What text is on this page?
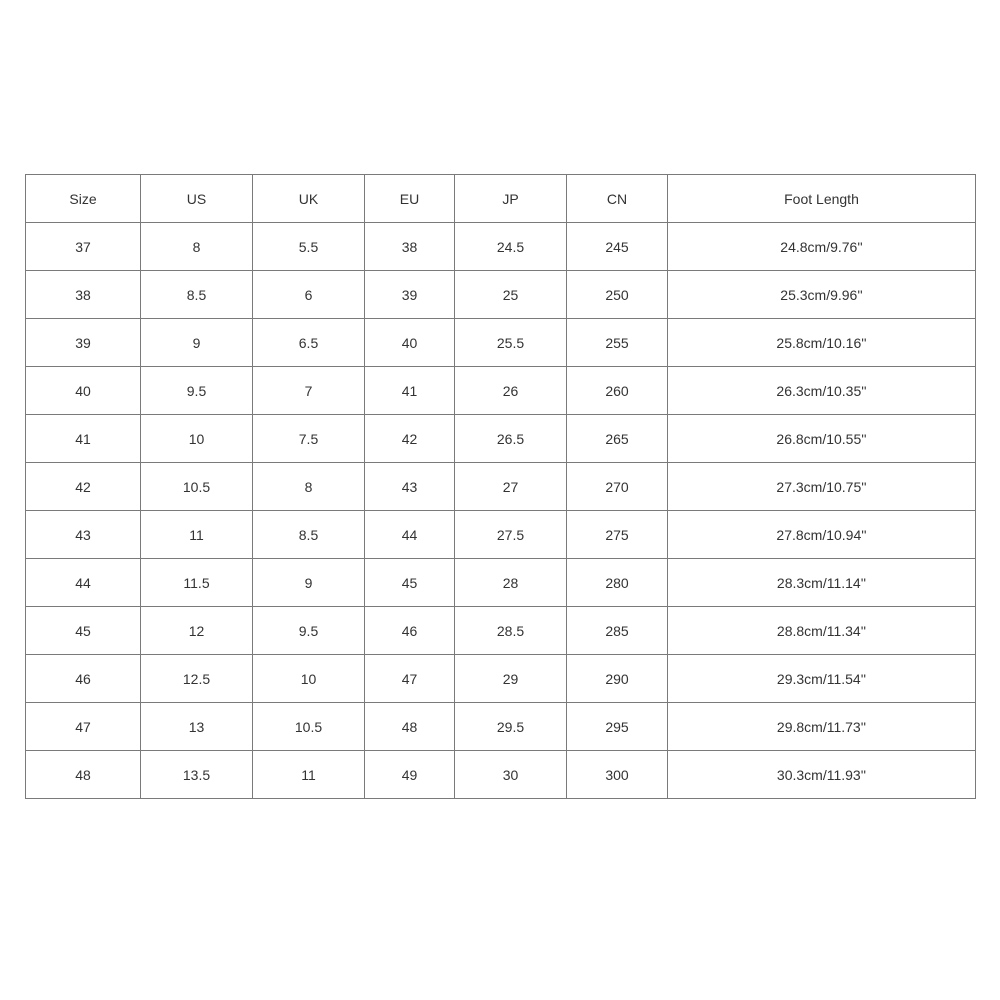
Size	US	UK	EU	JP	CN	Foot Length
37	8	5.5	38	24.5	245	24.8cm/9.76''
38	8.5	6	39	25	250	25.3cm/9.96''
39	9	6.5	40	25.5	255	25.8cm/10.16''
40	9.5	7	41	26	260	26.3cm/10.35''
41	10	7.5	42	26.5	265	26.8cm/10.55''
42	10.5	8	43	27	270	27.3cm/10.75''
43	11	8.5	44	27.5	275	27.8cm/10.94''
44	11.5	9	45	28	280	28.3cm/11.14''
45	12	9.5	46	28.5	285	28.8cm/11.34''
46	12.5	10	47	29	290	29.3cm/11.54''
47	13	10.5	48	29.5	295	29.8cm/11.73''
48	13.5	11	49	30	300	30.3cm/11.93''
